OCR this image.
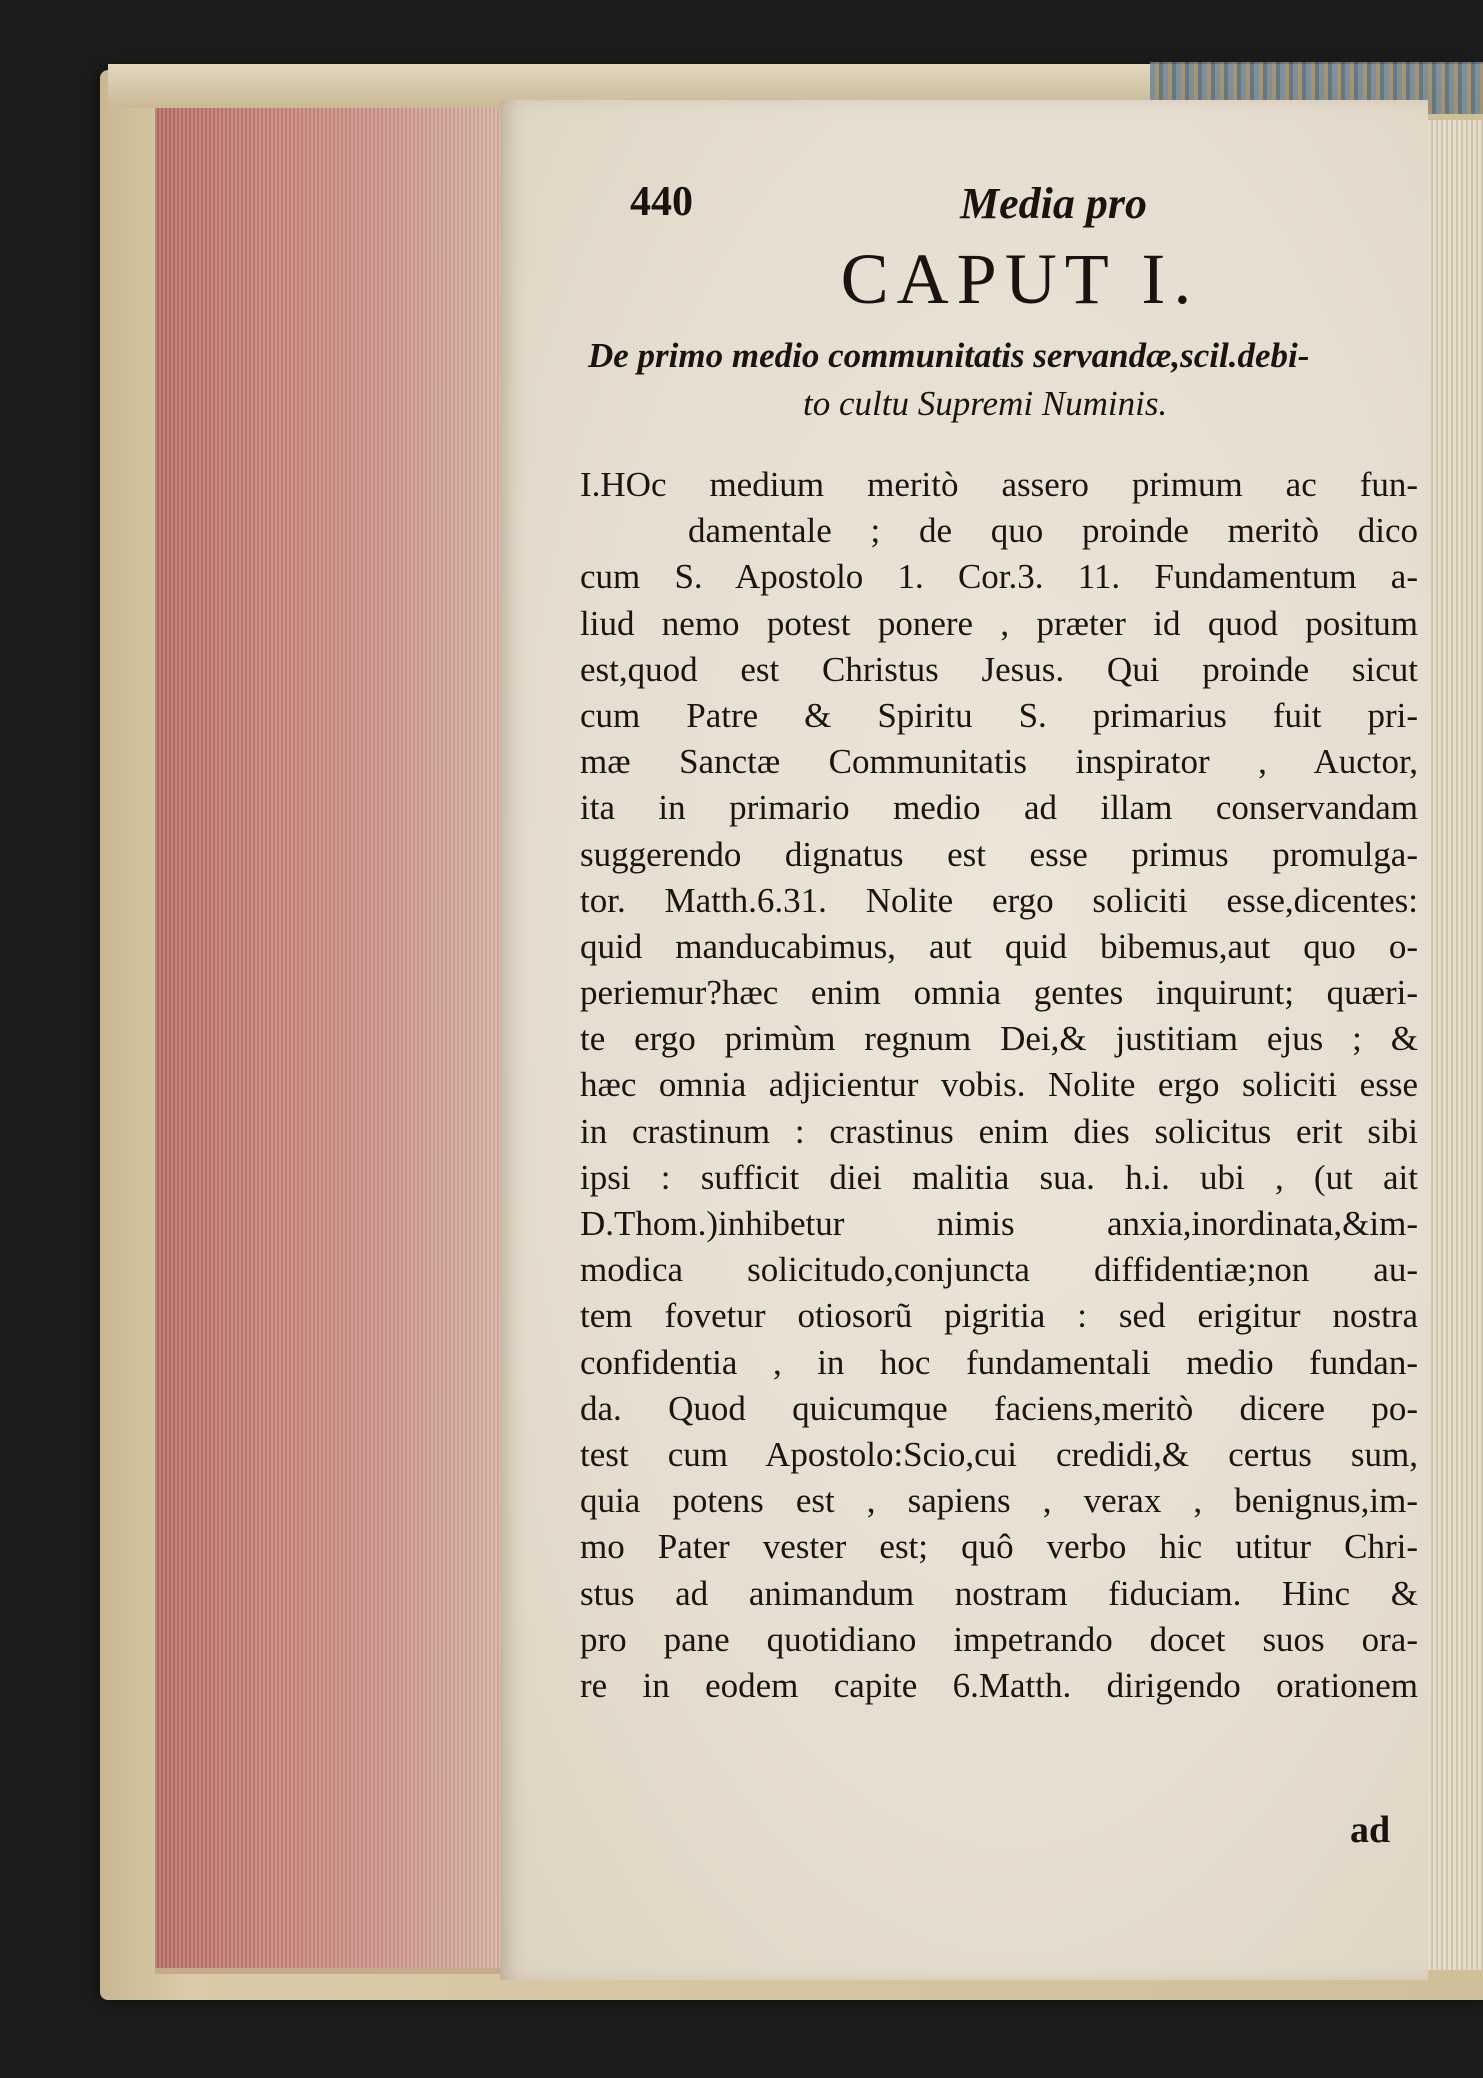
440	Media pro
CAPUT I.
De primo medio communitatis servandæ,scil.debi-
to cultu Supremi Numinis.
I.HOc medium meritò assero primum ac fun-
damentale ; de quo proinde meritò dico
cum S. Apostolo 1. Cor.3. 11. Fundamentum a-
liud nemo potest ponere , præter id quod positum
est,quod est Christus Jesus. Qui proinde sicut
cum Patre & Spiritu S. primarius fuit pri-
mæ Sanctæ Communitatis inspirator , Auctor,
ita in primario medio ad illam conservandam
suggerendo dignatus est esse primus promulga-
tor. Matth.6.31. Nolite ergo soliciti esse,dicentes:
quid manducabimus, aut quid bibemus,aut quo o-
periemur?hæc enim omnia gentes inquirunt; quæri-
te ergo primùm regnum Dei,& justitiam ejus ; &
hæc omnia adjicientur vobis. Nolite ergo soliciti esse
in crastinum : crastinus enim dies solicitus erit sibi
ipsi : sufficit diei malitia sua. h.i. ubi , (ut ait
D.Thom.)inhibetur nimis anxia,inordinata,&im-
modica solicitudo,conjuncta diffidentiæ;non au-
tem fovetur otiosorũ pigritia : sed erigitur nostra
confidentia , in hoc fundamentali medio fundan-
da. Quod quicumque faciens,meritò dicere po-
test cum Apostolo:Scio,cui credidi,& certus sum,
quia potens est , sapiens , verax , benignus,im-
mo Pater vester est; quô verbo hic utitur Chri-
stus ad animandum nostram fiduciam. Hinc &
pro pane quotidiano impetrando docet suos ora-
re in eodem capite 6.Matth. dirigendo orationem
ad
